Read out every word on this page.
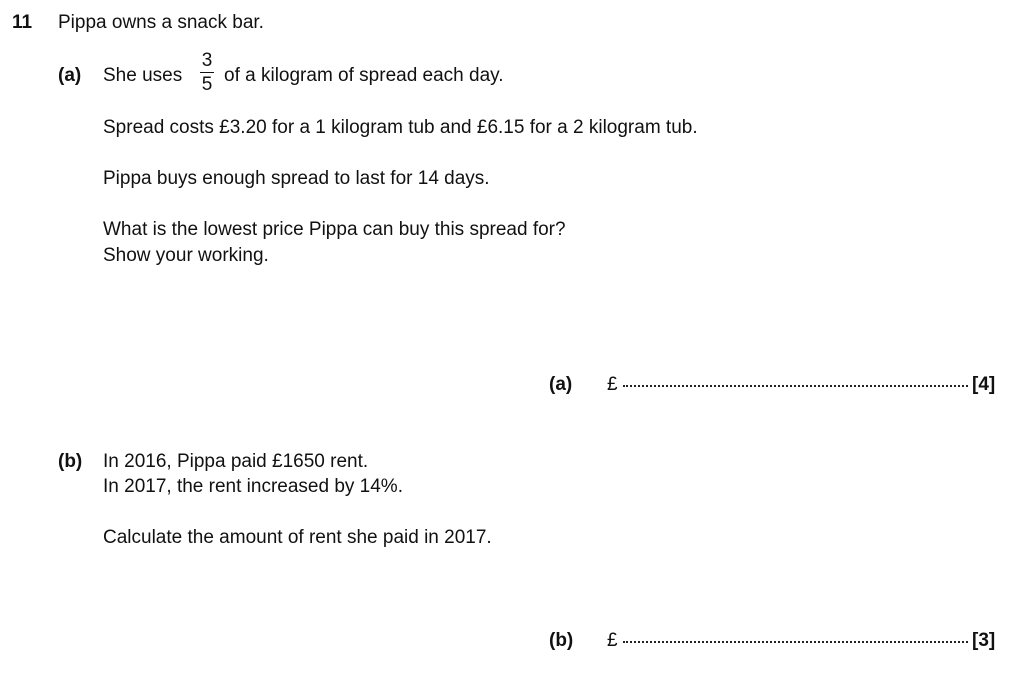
11 Pippa owns a snack bar.
(a) She uses
3
5 of a kilogram of spread each day.
Spread costs £3.20 for a 1 kilogram tub and £6.15 for a 2 kilogram tub.
Pippa buys enough spread to last for 14 days.
What is the lowest price Pippa can buy this spread for?
Show your working.
(a)	£	[4]
(b) In 2016, Pippa paid £1650 rent.
In 2017, the rent increased by 14%.
Calculate the amount of rent she paid in 2017.
(b)	£	[3]
